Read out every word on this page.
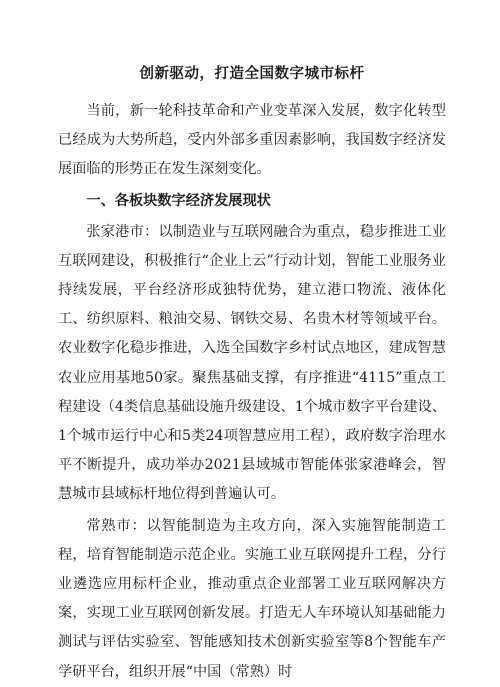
创新驱动，打造全国数字城市标杆
当前，新一轮科技革命和产业变革深入发展，数字化转型已经成为大势所趋，受内外部多重因素影响，我国数字经济发展面临的形势正在发生深刻变化。
一、各板块数字经济发展现状
张家港市：以制造业与互联网融合为重点，稳步推进工业互联网建设，积极推行“企业上云”行动计划，智能工业服务业持续发展，平台经济形成独特优势，建立港口物流、液体化工、纺织原料、粮油交易、钢铁交易、名贵木材等领域平台。农业数字化稳步推进，入选全国数字乡村试点地区，建成智慧农业应用基地50家。聚焦基础支撑，有序推进“4115”重点工程建设（4类信息基础设施升级建设、1个城市数字平台建设、1个城市运行中心和5类24项智慧应用工程），政府数字治理水平不断提升，成功举办2021县域城市智能体张家港峰会，智慧城市县域标杆地位得到普遍认可。
常熟市：以智能制造为主攻方向，深入实施智能制造工程，培育智能制造示范企业。实施工业互联网提升工程，分行业遴选应用标杆企业，推动重点企业部署工业互联网解决方案，实现工业互联网创新发展。打造无人车环境认知基础能力测试与评估实验室、智能感知技术创新实验室等8个智能车产学研平台，组织开展“中国（常熟）时
